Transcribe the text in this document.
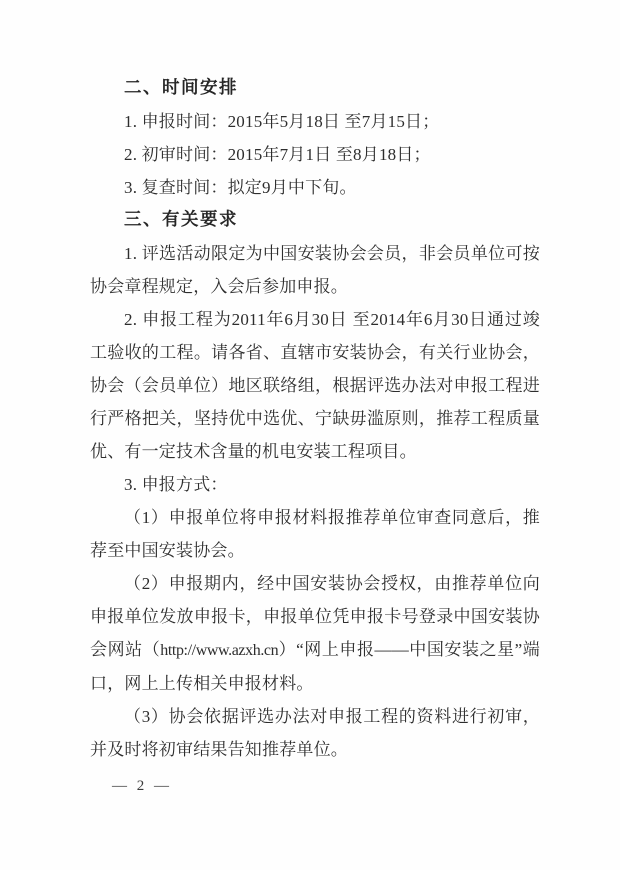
二、时间安排
1. 申报时间：2015年5月18日 至7月15日；
2. 初审时间：2015年7月1日 至8月18日；
3. 复查时间：拟定9月中下旬。
三、有关要求
1. 评选活动限定为中国安装协会会员，非会员单位可按协会章程规定，入会后参加申报。
2. 申报工程为2011年6月30日 至2014年6月30日通过竣工验收的工程。请各省、直辖市安装协会，有关行业协会，协会（会员单位）地区联络组，根据评选办法对申报工程进行严格把关，坚持优中选优、宁缺毋滥原则，推荐工程质量优、有一定技术含量的机电安装工程项目。
3. 申报方式：
（1）申报单位将申报材料报推荐单位审查同意后，推荐至中国安装协会。
（2）申报期内，经中国安装协会授权，由推荐单位向申报单位发放申报卡，申报单位凭申报卡号登录中国安装协会网站（http://www.azxh.cn）“网上申报——中国安装之星”端口，网上上传相关申报材料。
（3）协会依据评选办法对申报工程的资料进行初审，并及时将初审结果告知推荐单位。
— 2 —
